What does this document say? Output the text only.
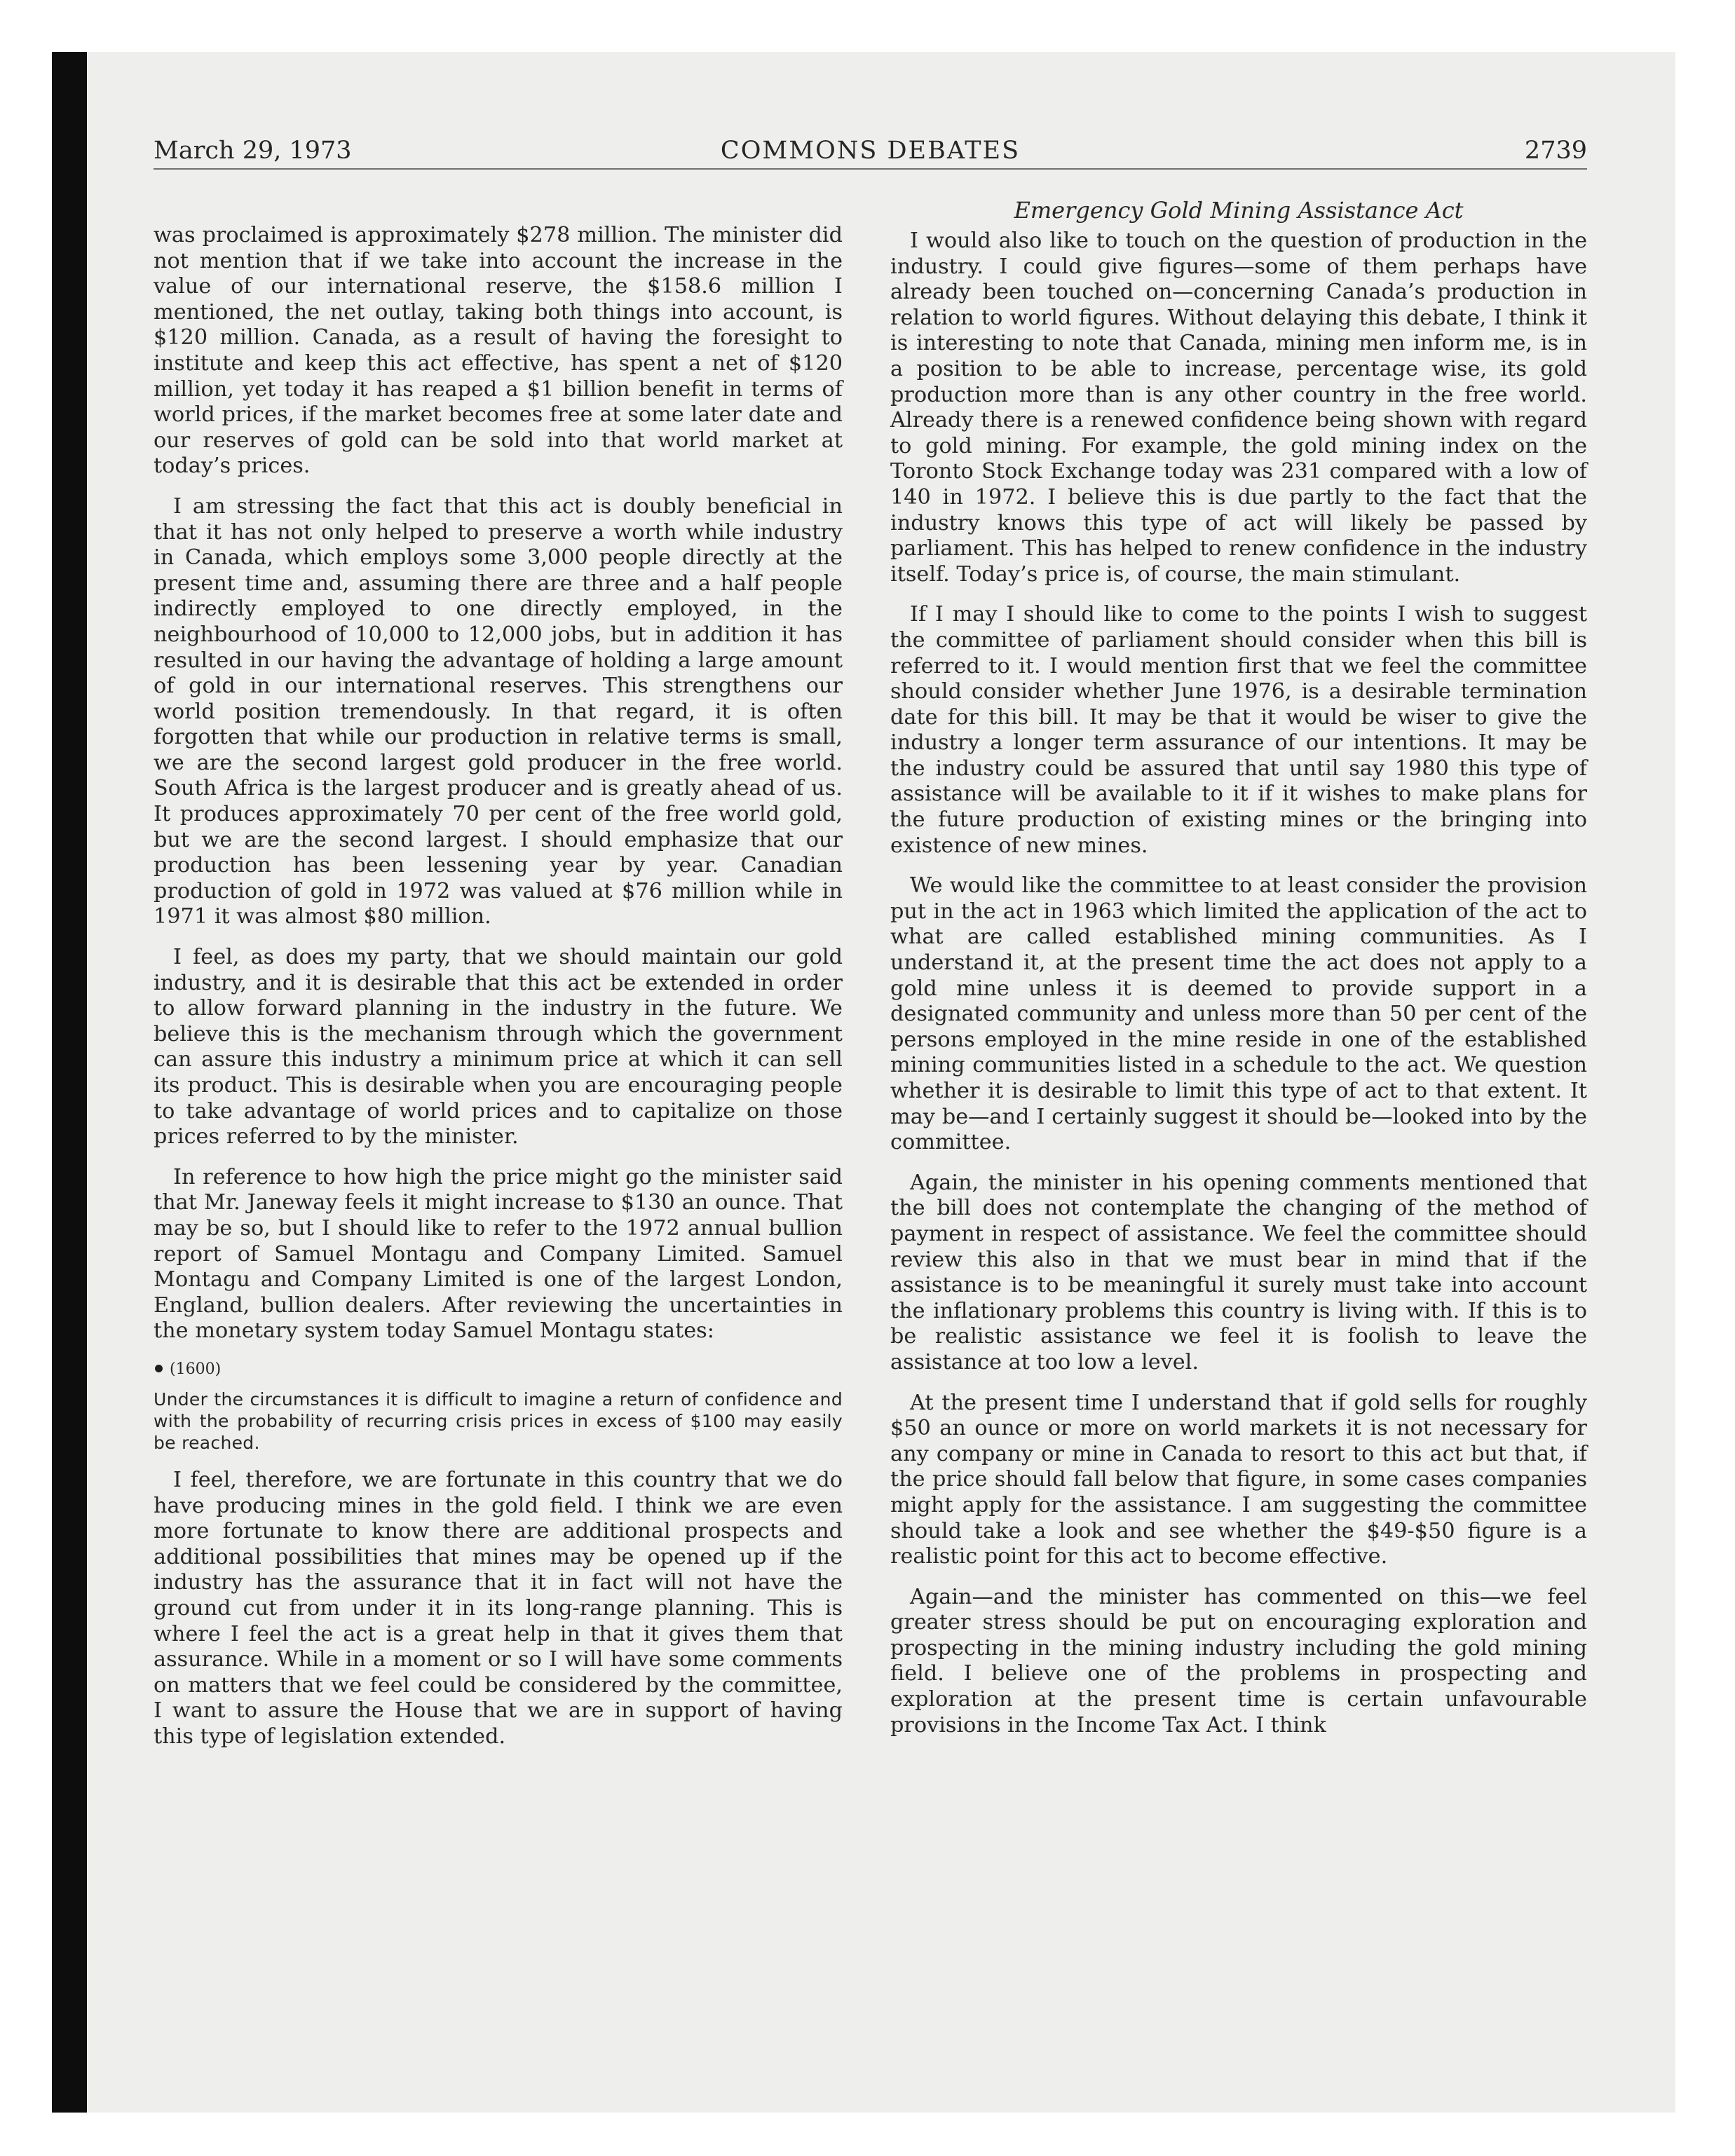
March 29, 1973	COMMONS DEBATES	2739

was proclaimed is approximately $278 million. The minister did not mention that if we take into account the increase in the value of our international reserve, the $158.6 million I mentioned, the net outlay, taking both things into account, is $120 million. Canada, as a result of having the foresight to institute and keep this act effective, has spent a net of $120 million, yet today it has reaped a $1 billion benefit in terms of world prices, if the market becomes free at some later date and our reserves of gold can be sold into that world market at today’s prices.

I am stressing the fact that this act is doubly beneficial in that it has not only helped to preserve a worth while industry in Canada, which employs some 3,000 people directly at the present time and, assuming there are three and a half people indirectly employed to one directly employed, in the neighbourhood of 10,000 to 12,000 jobs, but in addition it has resulted in our having the advantage of holding a large amount of gold in our international reserves. This strengthens our world position tremendously. In that regard, it is often forgotten that while our production in relative terms is small, we are the second largest gold producer in the free world. South Africa is the largest producer and is greatly ahead of us. It produces approximately 70 per cent of the free world gold, but we are the second largest. I should emphasize that our production has been lessening year by year. Canadian production of gold in 1972 was valued at $76 million while in 1971 it was almost $80 million.

I feel, as does my party, that we should maintain our gold industry, and it is desirable that this act be extended in order to allow forward planning in the industry in the future. We believe this is the mechanism through which the government can assure this industry a minimum price at which it can sell its product. This is desirable when you are encouraging people to take advantage of world prices and to capitalize on those prices referred to by the minister.

In reference to how high the price might go the minister said that Mr. Janeway feels it might increase to $130 an ounce. That may be so, but I should like to refer to the 1972 annual bullion report of Samuel Montagu and Company Limited. Samuel Montagu and Company Limited is one of the largest London, England, bullion dealers. After reviewing the uncertainties in the monetary system today Samuel Montagu states:

(1600)
Under the circumstances it is difficult to imagine a return of confidence and with the probability of recurring crisis prices in excess of $100 may easily be reached.

I feel, therefore, we are fortunate in this country that we do have producing mines in the gold field. I think we are even more fortunate to know there are additional prospects and additional possibilities that mines may be opened up if the industry has the assurance that it in fact will not have the ground cut from under it in its long-range planning. This is where I feel the act is a great help in that it gives them that assurance. While in a moment or so I will have some comments on matters that we feel could be considered by the committee, I want to assure the House that we are in support of having this type of legislation extended.

Emergency Gold Mining Assistance Act

I would also like to touch on the question of production in the industry. I could give figures—some of them perhaps have already been touched on—concerning Canada’s production in relation to world figures. Without delaying this debate, I think it is interesting to note that Canada, mining men inform me, is in a position to be able to increase, percentage wise, its gold production more than is any other country in the free world. Already there is a renewed confidence being shown with regard to gold mining. For example, the gold mining index on the Toronto Stock Exchange today was 231 compared with a low of 140 in 1972. I believe this is due partly to the fact that the industry knows this type of act will likely be passed by parliament. This has helped to renew confidence in the industry itself. Today’s price is, of course, the main stimulant.

If I may I should like to come to the points I wish to suggest the committee of parliament should consider when this bill is referred to it. I would mention first that we feel the committee should consider whether June 1976, is a desirable termination date for this bill. It may be that it would be wiser to give the industry a longer term assurance of our intentions. It may be the industry could be assured that until say 1980 this type of assistance will be available to it if it wishes to make plans for the future production of existing mines or the bringing into existence of new mines.

We would like the committee to at least consider the provision put in the act in 1963 which limited the application of the act to what are called established mining communities. As I understand it, at the present time the act does not apply to a gold mine unless it is deemed to provide support in a designated community and unless more than 50 per cent of the persons employed in the mine reside in one of the established mining communities listed in a schedule to the act. We question whether it is desirable to limit this type of act to that extent. It may be—and I certainly suggest it should be—looked into by the committee.

Again, the minister in his opening comments mentioned that the bill does not contemplate the changing of the method of payment in respect of assistance. We feel the committee should review this also in that we must bear in mind that if the assistance is to be meaningful it surely must take into account the inflationary problems this country is living with. If this is to be realistic assistance we feel it is foolish to leave the assistance at too low a level.

At the present time I understand that if gold sells for roughly $50 an ounce or more on world markets it is not necessary for any company or mine in Canada to resort to this act but that, if the price should fall below that figure, in some cases companies might apply for the assistance. I am suggesting the committee should take a look and see whether the $49-$50 figure is a realistic point for this act to become effective.

Again—and the minister has commented on this—we feel greater stress should be put on encouraging exploration and prospecting in the mining industry including the gold mining field. I believe one of the problems in prospecting and exploration at the present time is certain unfavourable provisions in the Income Tax Act. I think
